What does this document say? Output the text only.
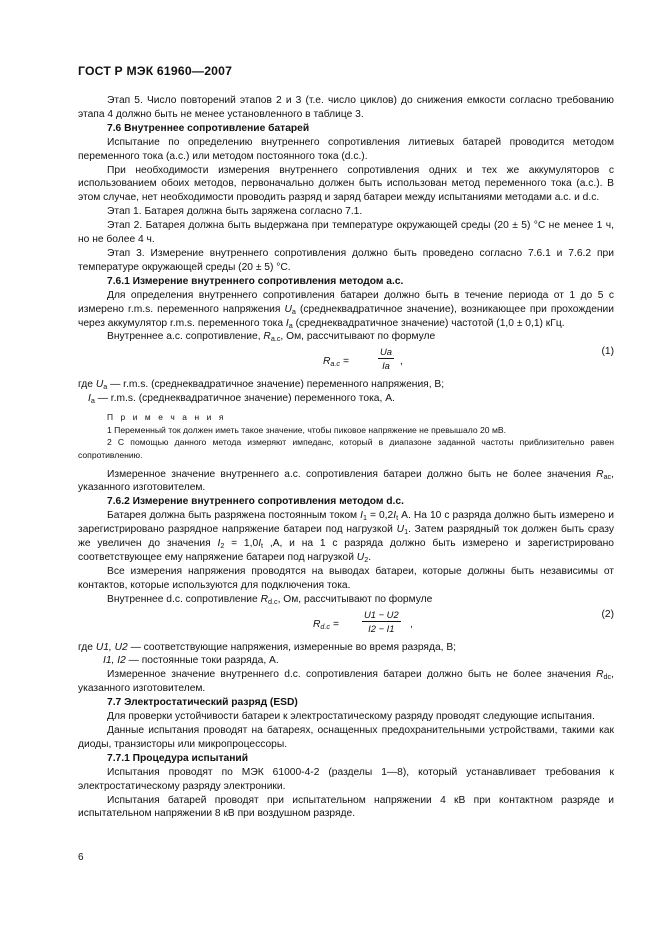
ГОСТ Р МЭК 61960—2007

Этап 5. Число повторений этапов 2 и 3 (т.е. число циклов) до снижения емкости согласно требованию этапа 4 должно быть не менее установленного в таблице 3.

7.6 Внутреннее сопротивление батарей

Испытание по определению внутреннего сопротивления литиевых батарей проводится методом переменного тока (a.c.) или методом постоянного тока (d.c.).

При необходимости измерения внутреннего сопротивления одних и тех же аккумуляторов с использованием обоих методов, первоначально должен быть использован метод переменного тока (a.c.). В этом случае, нет необходимости проводить разряд и заряд батареи между испытаниями методами a.c. и d.c.

Этап 1. Батарея должна быть заряжена согласно 7.1.

Этап 2. Батарея должна быть выдержана при температуре окружающей среды (20 ± 5) °С не менее 1 ч, но не более 4 ч.

Этап 3. Измерение внутреннего сопротивления должно быть проведено согласно 7.6.1 и 7.6.2 при температуре окружающей среды (20 ± 5) °С.

7.6.1 Измерение внутреннего сопротивления методом a.c.

Для определения внутреннего сопротивления батареи должно быть в течение периода от 1 до 5 с измерено r.m.s. переменного напряжения $U_a$ (среднеквадратичное значение), возникающее при прохождении через аккумулятор r.m.s. переменного тока $I_a$ (среднеквадратичное значение) частотой (1,0 ± 0,1) кГц.

Внутреннее a.c. сопротивление, $R_{a.c}$, Ом, рассчитывают по формуле

$R_{a.c}$ =	$\frac{Ua}{Ia}$ ,
(1)

где $U_a$ — r.m.s. (среднеквадратичное значение) переменного напряжения, В;

$I_a$ — r.m.s. (среднеквадратичное значение) переменного тока, А.

П р и м е ч а н и я

1 Переменный ток должен иметь такое значение, чтобы пиковое напряжение не превышало 20 мВ.

2 С помощью данного метода измеряют импеданс, который в диапазоне заданной частоты приблизительно равен сопротивлению.

Измеренное значение внутреннего a.c. сопротивления батареи должно быть не более значения $R_{ac}$, указанного изготовителем.

7.6.2 Измерение внутреннего сопротивления методом d.c.

Батарея должна быть разряжена постоянным током $I_1 = 0,2I_t$ А. На 10 с разряда должно быть измерено и зарегистрировано разрядное напряжение батареи под нагрузкой $U_1$. Затем разрядный ток должен быть сразу же увеличен до значения $I_2 = 1,0I_t$ ,А, и на 1 с разряда должно быть измерено и зарегистрировано соответствующее ему напряжение батареи под нагрузкой $U_2$.

Все измерения напряжения проводятся на выводах батареи, которые должны быть независимы от контактов, которые используются для подключения тока.

Внутреннее d.c. сопротивление $R_{d.c}$, Ом, рассчитывают по формуле

$R_{d.c} = \frac{U1 - U2}{I2 - I1}$ ,
(2)

где U1, U2 — соответствующие напряжения, измеренные во время разряда, В;

I1, I2 — постоянные токи разряда, А.

Измеренное значение внутреннего d.c. сопротивления батареи должно быть не более значения $R_{dc}$, указанного изготовителем.

7.7 Электростатический разряд (ESD)

Для проверки устойчивости батареи к электростатическому разряду проводят следующие испытания.

Данные испытания проводят на батареях, оснащенных предохранительными устройствами, такими как диоды, транзисторы или микропроцессоры.

7.7.1 Процедура испытаний

Испытания проводят по МЭК 61000-4-2 (разделы 1—8), который устанавливает требования к электростатическому разряду электроники.

Испытания батарей проводят при испытательном напряжении 4 кВ при контактном разряде и испытательном напряжении 8 кВ при воздушном разряде.

6
